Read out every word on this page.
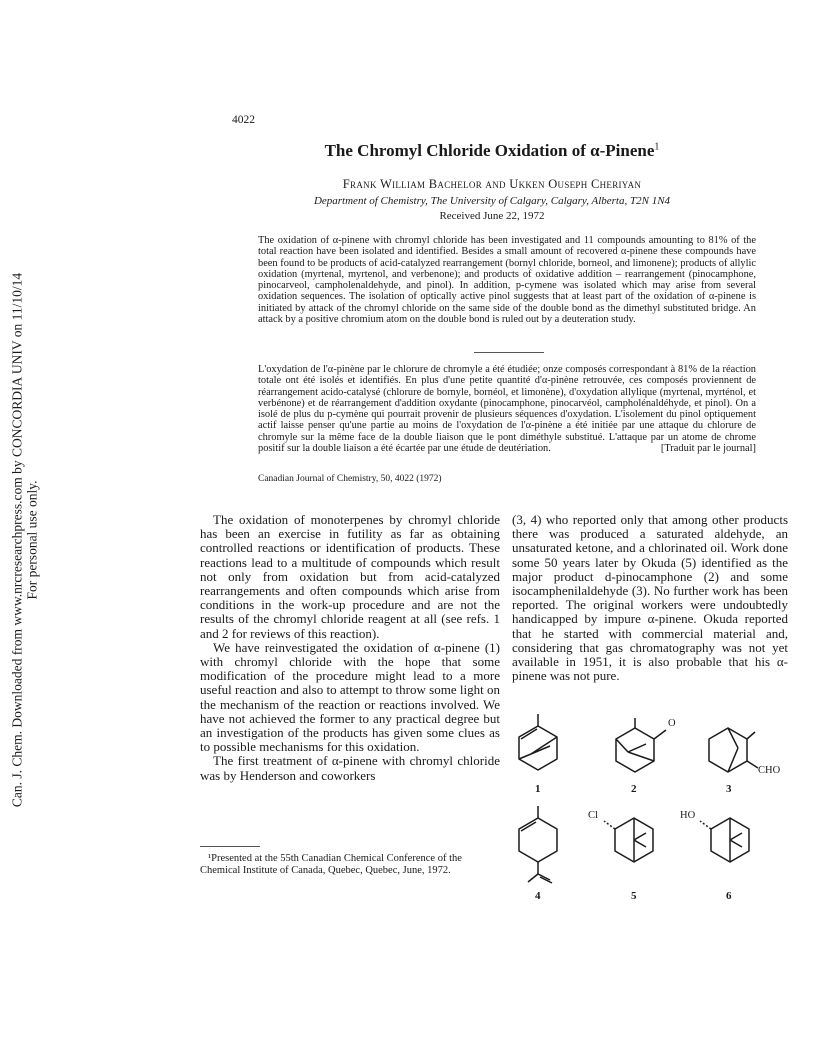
Can. J. Chem. Downloaded from www.nrcresearchpress.com by CONCORDIA UNIV on 11/10/14 For personal use only.
4022
The Chromyl Chloride Oxidation of α-Pinene$^1$
Frank William Bachelor and Ukken Ouseph Cheriyan
Department of Chemistry, The University of Calgary, Calgary, Alberta, T2N 1N4
Received June 22, 1972

The oxidation of α-pinene with chromyl chloride has been investigated and 11 compounds amounting to 81% of the total reaction have been isolated and identified. Besides a small amount of recovered α-pinene these compounds have been found to be products of acid-catalyzed rearrangement (bornyl chloride, borneol, and limonene); products of allylic oxidation (myrtenal, myrtenol, and verbenone); and products of oxidative addition – rearrangement (pinocamphone, pinocarveol, campholenaldehyde, and pinol). In addition, p-cymene was isolated which may arise from several oxidation sequences. The isolation of optically active pinol suggests that at least part of the oxidation of α-pinene is initiated by attack of the chromyl chloride on the same side of the double bond as the dimethyl substituted bridge. An attack by a positive chromium atom on the double bond is ruled out by a deuteration study.

L'oxydation de l'α-pinène par le chlorure de chromyle a été étudiée; onze composés correspondant à 81% de la réaction totale ont été isolés et identifiés. En plus d'une petite quantité d'α-pinène retrouvée, ces composés proviennent de réarrangement acido-catalysé (chlorure de bornyle, bornéol, et limonène), d'oxydation allylique (myrtenal, myrténol, et verbénone) et de réarrangement d'addition oxydante (pinocamphone, pinocarvéol, campholénaldéhyde, et pinol). On a isolé de plus du p-cymène qui pourrait provenir de plusieurs séquences d'oxydation. L'isolement du pinol optiquement actif laisse penser qu'une partie au moins de l'oxydation de l'α-pinène a été initiée par une attaque du chlorure de chromyle sur la même face de la double liaison que le pont diméthyle substitué. L'attaque par un atome de chrome positif sur la double liaison a été écartée par une étude de deutériation.	[Traduit par le journal]

Canadian Journal of Chemistry, 50, 4022 (1972)

The oxidation of monoterpenes by chromyl chloride has been an exercise in futility as far as obtaining controlled reactions or identification of products. These reactions lead to a multitude of compounds which result not only from oxidation but from acid-catalyzed rearrangements and often compounds which arise from conditions in the work-up procedure and are not the results of the chromyl chloride reagent at all (see refs. 1 and 2 for reviews of this reaction).

We have reinvestigated the oxidation of α-pinene (1) with chromyl chloride with the hope that some modification of the procedure might lead to a more useful reaction and also to attempt to throw some light on the mechanism of the reaction or reactions involved. We have not achieved the former to any practical degree but an investigation of the products has given some clues as to possible mechanisms for this oxidation.

The first treatment of α-pinene with chromyl chloride was by Henderson and coworkers

(3, 4) who reported only that among other products there was produced a saturated aldehyde, an unsaturated ketone, and a chlorinated oil. Work done some 50 years later by Okuda (5) identified as the major product d-pinocamphone (2) and some isocamphenilaldehyde (3). No further work has been reported. The original workers were undoubtedly handicapped by impure α-pinene. Okuda reported that he started with commercial material and, considering that gas chromatography was not yet available in 1951, it is also probable that his α-pinene was not pure.

¹Presented at the 55th Canadian Chemical Conference of the Chemical Institute of Canada, Quebec, Quebec, June, 1972.

O
CHO
Cl	HO
1	2	3
4	5	6
